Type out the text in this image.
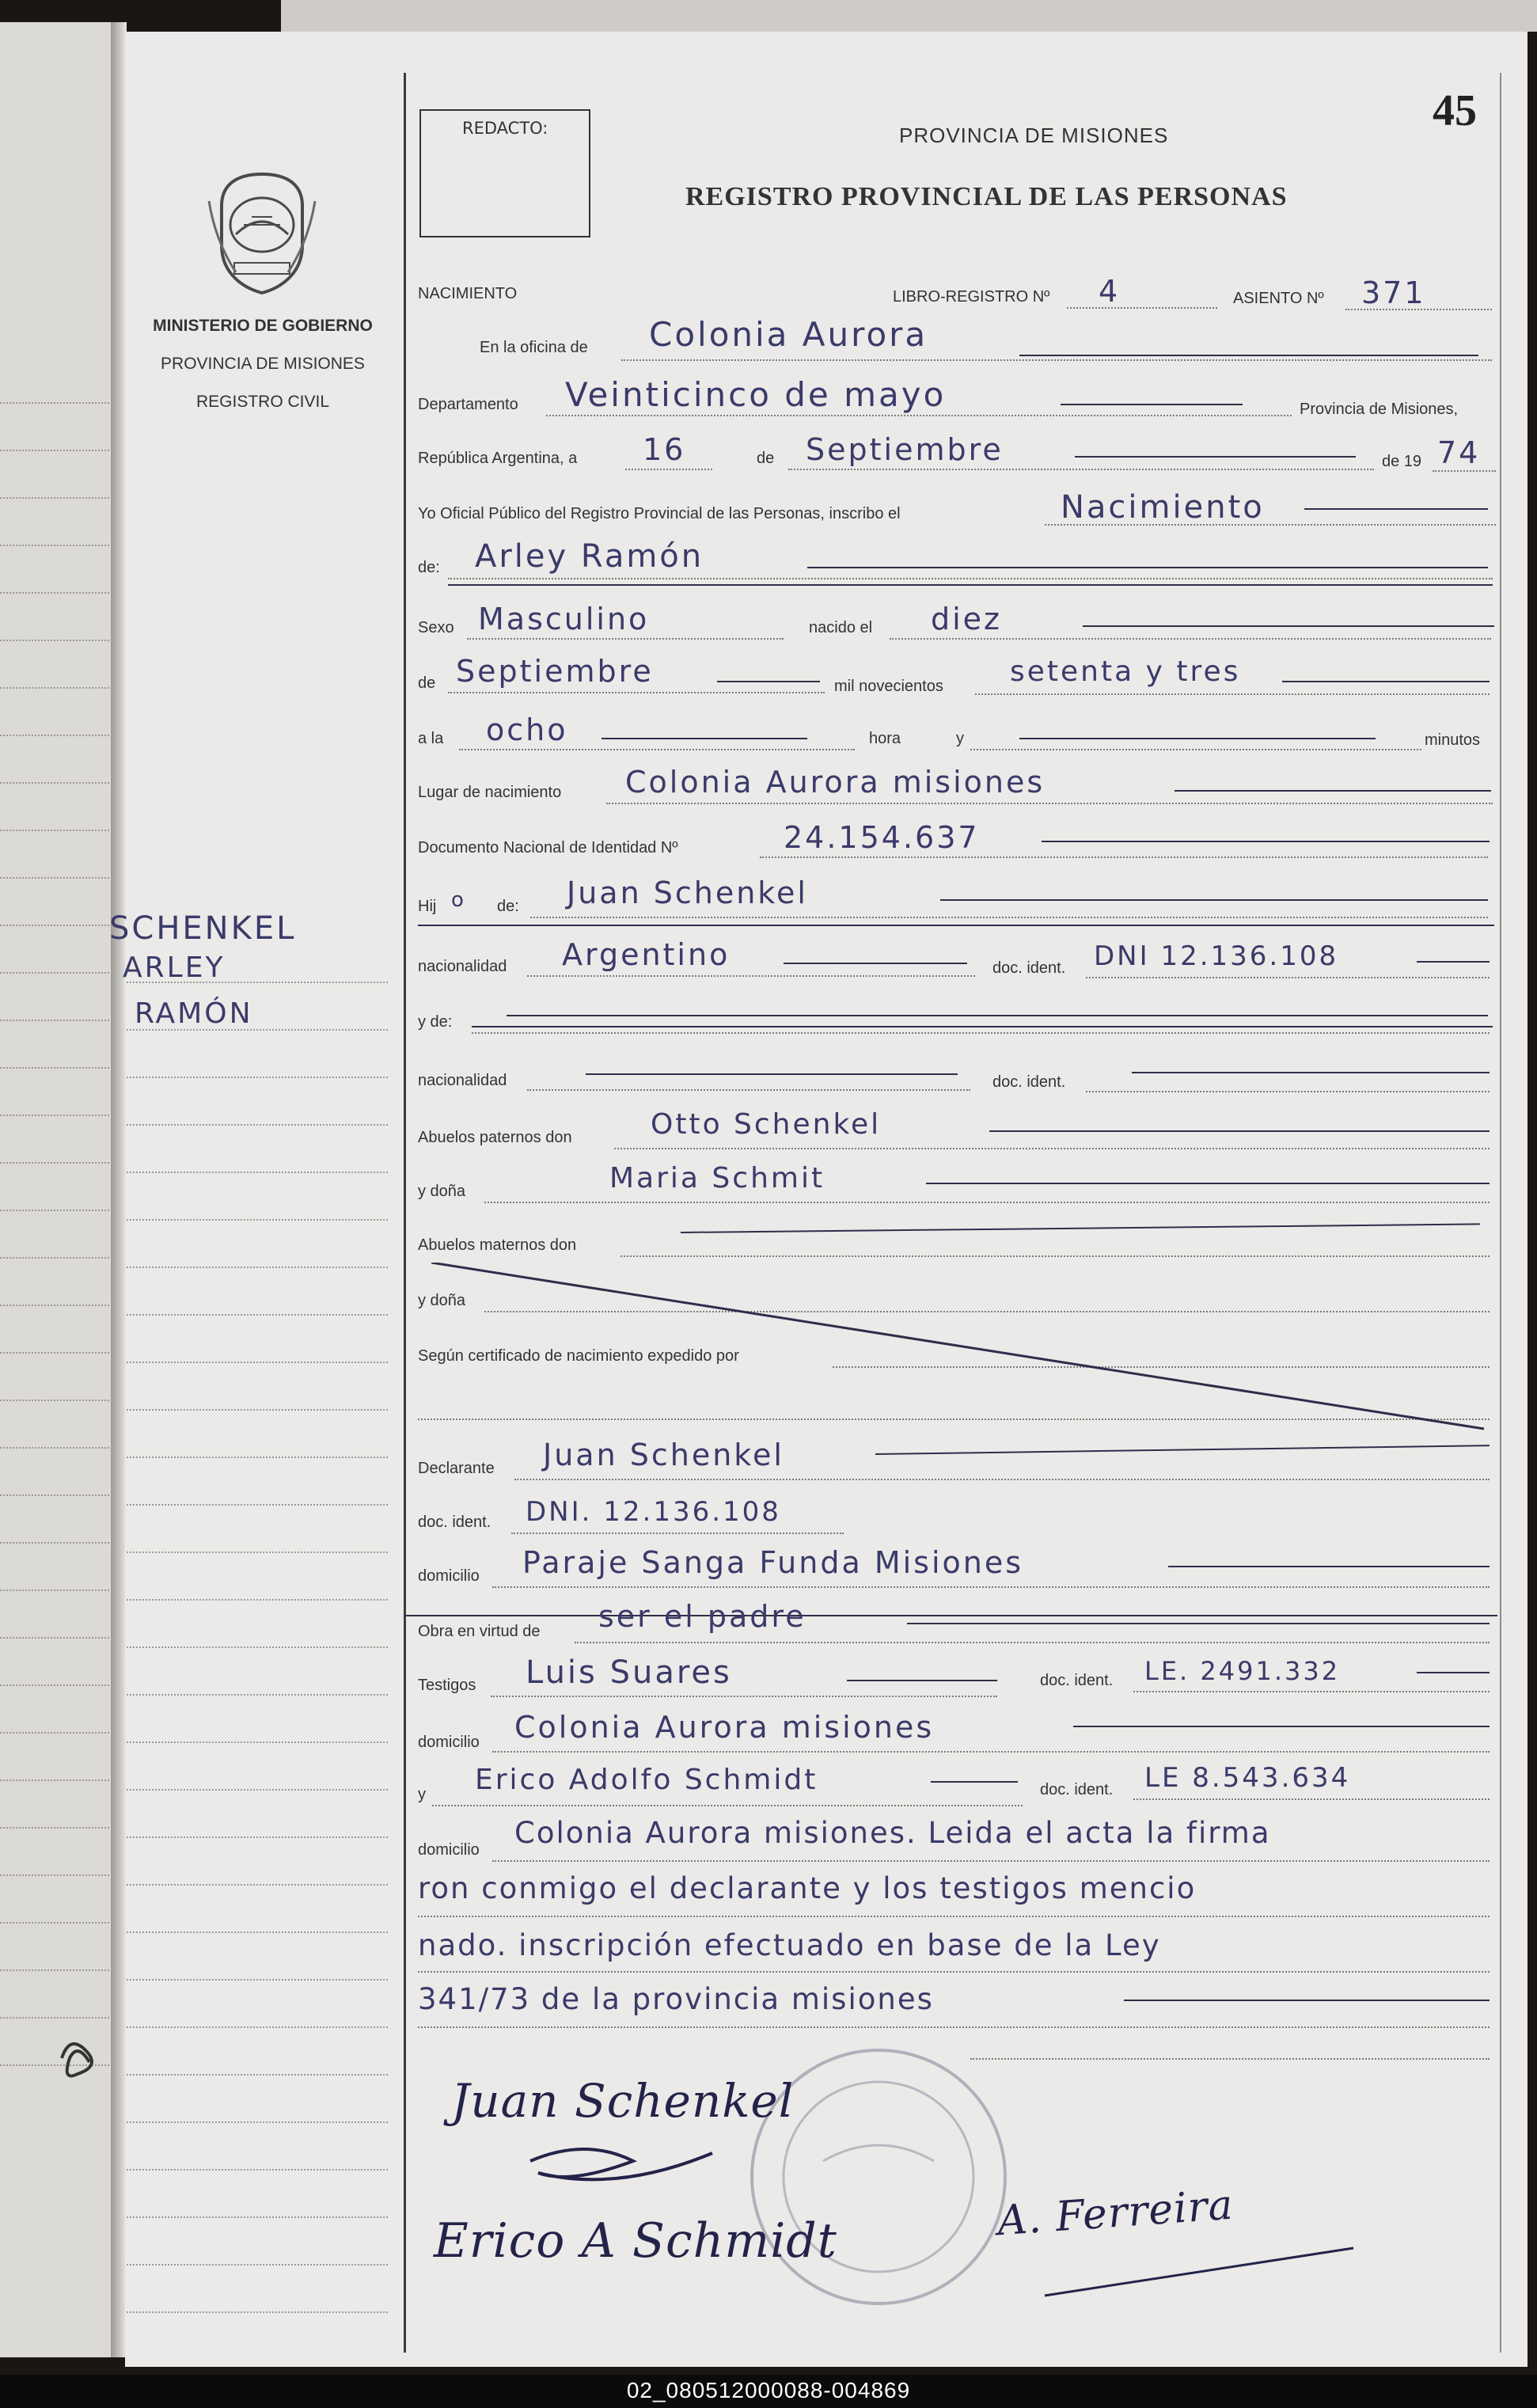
MINISTERIO DE GOBIERNO
PROVINCIA DE MISIONES
REGISTRO CIVIL
SCHENKEL
ARLEY
RAMÓN
REDACTO:	PROVINCIA DE MISIONES
REGISTRO PROVINCIAL DE LAS PERSONAS
45
NACIMIENTO	LIBRO-REGISTRO Nº 4	ASIENTO Nº 371
En la oficina de Colonia Aurora
Departamento Veinticinco de mayo	Provincia de Misiones,
República Argentina, a 16	de Septiembre	de 19 74
Yo Oficial Público del Registro Provincial de las Personas, inscribo el	Nacimiento
de: Arley Ramón
Sexo Masculino	nacido el diez
de Septiembre	mil novecientos setenta y tres
a la ocho	hora	y	minutos
Lugar de nacimiento Colonia Aurora misiones
Documento Nacional de Identidad Nº	24.154.637
Hij o de: Juan Schenkel
nacionalidad Argentino	doc. ident. DNI 12.136.108
y de:
nacionalidad	doc. ident.
Abuelos paternos don	Otto Schenkel
y doña	Maria Schmit
Abuelos maternos don
y doña
Según certificado de nacimiento expedido por
Declarante Juan Schenkel
doc. ident. DNI. 12.136.108
domicilio Paraje Sanga Funda Misiones
Obra en virtud de ser el padre
Testigos Luis Suares	doc. ident. LE. 2491.332
domicilio Colonia Aurora misiones
y Erico Adolfo Schmidt	doc. ident. LE 8.543.634
domicilio Colonia Aurora misiones. Leida el acta la firma
ron conmigo el declarante y los testigos mencio
nado. inscripción efectuado en base de la Ley
341/73 de la provincia misiones
Juan Schenkel
Erico A Schmidt	A. Ferreira
02_080512000088-004869
